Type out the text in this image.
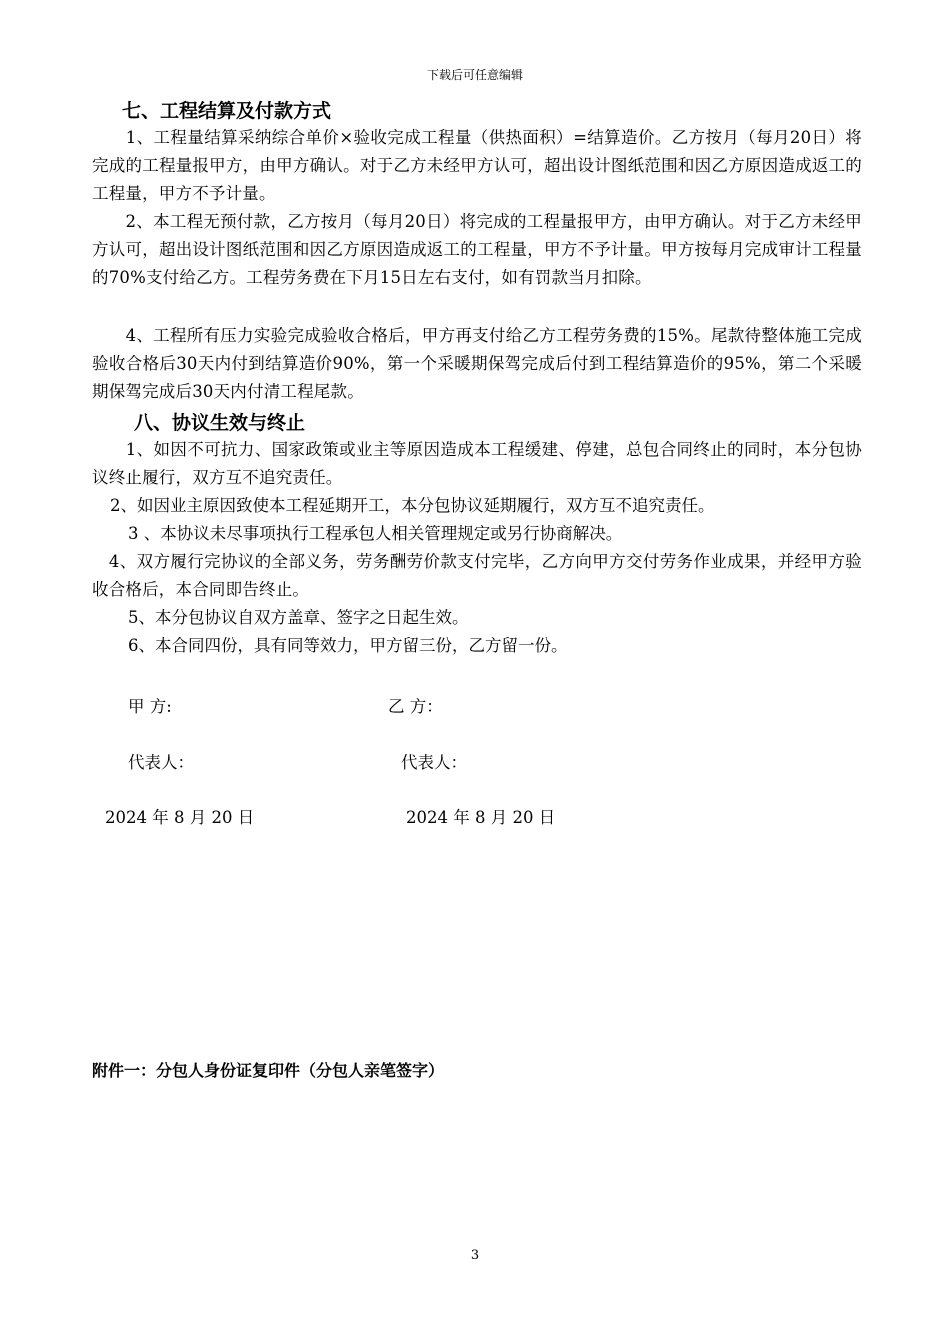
下载后可任意编辑
七、工程结算及付款方式
　　1、工程量结算采纳综合单价×验收完成工程量（供热面积）=结算造价。乙方按月（每月20日）将完成的工程量报甲方，由甲方确认。对于乙方未经甲方认可，超出设计图纸范围和因乙方原因造成返工的工程量，甲方不予计量。
　　2、本工程无预付款，乙方按月（每月20日）将完成的工程量报甲方，由甲方确认。对于乙方未经甲方认可，超出设计图纸范围和因乙方原因造成返工的工程量，甲方不予计量。甲方按每月完成审计工程量的70%支付给乙方。工程劳务费在下月15日左右支付，如有罚款当月扣除。
　　4、工程所有压力实验完成验收合格后，甲方再支付给乙方工程劳务费的15%。尾款待整体施工完成验收合格后30天内付到结算造价90%，第一个采暖期保驾完成后付到工程结算造价的95%，第二个采暖期保驾完成后30天内付清工程尾款。
八、协议生效与终止
　　1、如因不可抗力、国家政策或业主等原因造成本工程缓建、停建，总包合同终止的同时，本分包协议终止履行，双方互不追究责任。
2、如因业主原因致使本工程延期开工，本分包协议延期履行，双方互不追究责任。
3 、本协议未尽事项执行工程承包人相关管理规定或另行协商解决。
　4、双方履行完协议的全部义务，劳务酬劳价款支付完毕，乙方向甲方交付劳务作业成果，并经甲方验收合格后，本合同即告终止。
5、本分包协议自双方盖章、签字之日起生效。
6、本合同四份，具有同等效力，甲方留三份，乙方留一份。
甲 方:	乙 方：
代表人：	代表人：
2024 年 8 月 20 日	2024 年 8 月 20 日
附件一：分包人身份证复印件（分包人亲笔签字）
3
